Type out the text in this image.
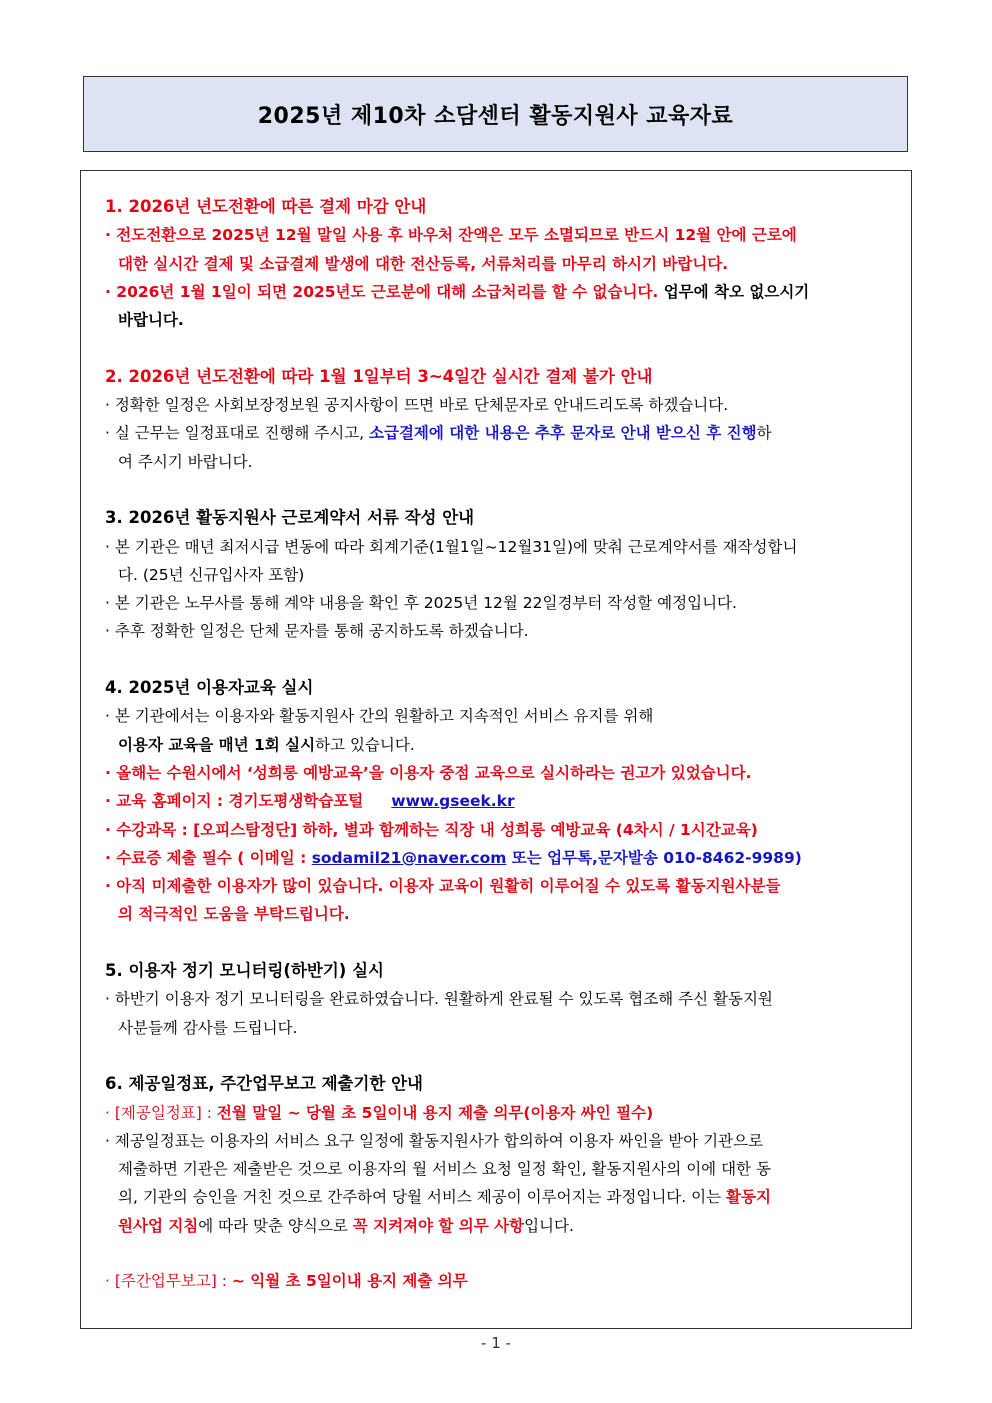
2025년 제10차 소담센터 활동지원사 교육자료
1. 2026년 년도전환에 따른 결제 마감 안내
· 전도전환으로 2025년 12월 말일 사용 후 바우처 잔액은 모두 소멸되므로 반드시 12월 안에 근로에
대한 실시간 결제 및 소급결제 발생에 대한 전산등록, 서류처리를 마무리 하시기 바랍니다.
· 2026년 1월 1일이 되면 2025년도 근로분에 대해 소급처리를 할 수 없습니다. 업무에 착오 없으시기
바랍니다.
2. 2026년 년도전환에 따라 1월 1일부터 3~4일간 실시간 결제 불가 안내
· 정확한 일정은 사회보장정보원 공지사항이 뜨면 바로 단체문자로 안내드리도록 하겠습니다.
· 실 근무는 일정표대로 진행해 주시고, 소급결제에 대한 내용은 추후 문자로 안내 받으신 후 진행하
여 주시기 바랍니다.
3. 2026년 활동지원사 근로계약서 서류 작성 안내
· 본 기관은 매년 최저시급 변동에 따라 회계기준(1월1일~12월31일)에 맞춰 근로계약서를 재작성합니
다. (25년 신규입사자 포함)
· 본 기관은 노무사를 통해 계약 내용을 확인 후 2025년 12월 22일경부터 작성할 예정입니다.
· 추후 정확한 일정은 단체 문자를 통해 공지하도록 하겠습니다.
4. 2025년 이용자교육 실시
· 본 기관에서는 이용자와 활동지원사 간의 원활하고 지속적인 서비스 유지를 위해
이용자 교육을 매년 1회 실시하고 있습니다.
· 올해는 수원시에서 ‘성희롱 예방교육’을 이용자 중점 교육으로 실시하라는 권고가 있었습니다.
· 교육 홈페이지 : 경기도평생학습포털 www.gseek.kr
· 수강과목 : [오피스탐정단] 하하, 별과 함께하는 직장 내 성희롱 예방교육 (4차시 / 1시간교육)
· 수료증 제출 필수 ( 이메일 : sodamil21@naver.com 또는 업무톡,문자발송 010-8462-9989)
· 아직 미제출한 이용자가 많이 있습니다. 이용자 교육이 원활히 이루어질 수 있도록 활동지원사분들
의 적극적인 도움을 부탁드립니다.
5. 이용자 정기 모니터링(하반기) 실시
· 하반기 이용자 정기 모니터링을 완료하였습니다. 원활하게 완료될 수 있도록 협조해 주신 활동지원
사분들께 감사를 드립니다.
6. 제공일정표, 주간업무보고 제출기한 안내
· [제공일정표] : 전월 말일 ~ 당월 초 5일이내 용지 제출 의무(이용자 싸인 필수)
· 제공일정표는 이용자의 서비스 요구 일정에 활동지원사가 합의하여 이용자 싸인을 받아 기관으로
제출하면 기관은 제출받은 것으로 이용자의 월 서비스 요청 일정 확인, 활동지원사의 이에 대한 동
의, 기관의 승인을 거친 것으로 간주하여 당월 서비스 제공이 이루어지는 과정입니다. 이는 활동지
원사업 지침에 따라 맞춘 양식으로 꼭 지켜져야 할 의무 사항입니다.
· [주간업무보고] : ~ 익월 초 5일이내 용지 제출 의무
- 1 -
